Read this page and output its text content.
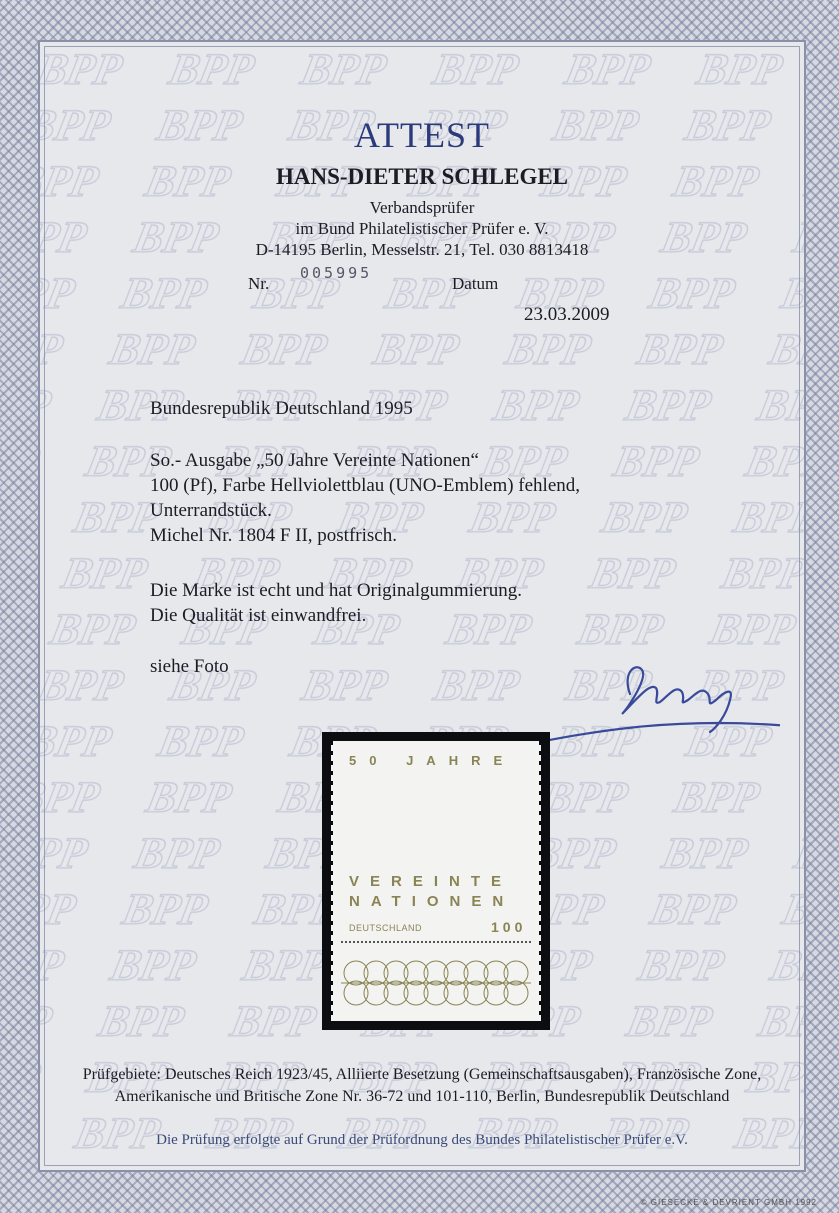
ATTEST
HANS-DIETER SCHLEGEL
Verbandsprüfer
im Bund Philatelistischer Prüfer e. V.
D-14195 Berlin, Messelstr. 21, Tel. 030 8813418
Nr.
005995
Datum
23.03.2009
Bundesrepublik Deutschland 1995
So.- Ausgabe „50 Jahre Vereinte Nationen“
100 (Pf), Farbe Hellviolettblau (UNO-Emblem) fehlend,
Unterrandstück.
Michel Nr. 1804 F II, postfrisch.
Die Marke ist echt und hat Originalgummierung.
Die Qualität ist einwandfrei.
siehe Foto
50 JAHRE
VEREINTE
NATIONEN
DEUTSCHLAND	100
Prüfgebiete: Deutsches Reich 1923/45, Alliierte Besetzung (Gemeinschaftsausgaben), Französische Zone,
Amerikanische und Britische Zone Nr. 36-72 und 101-110, Berlin, Bundesrepublik Deutschland
Die Prüfung erfolgte auf Grund der Prüfordnung des Bundes Philatelistischer Prüfer e.V.
© GIESECKE & DEVRIENT GMBH 1992
